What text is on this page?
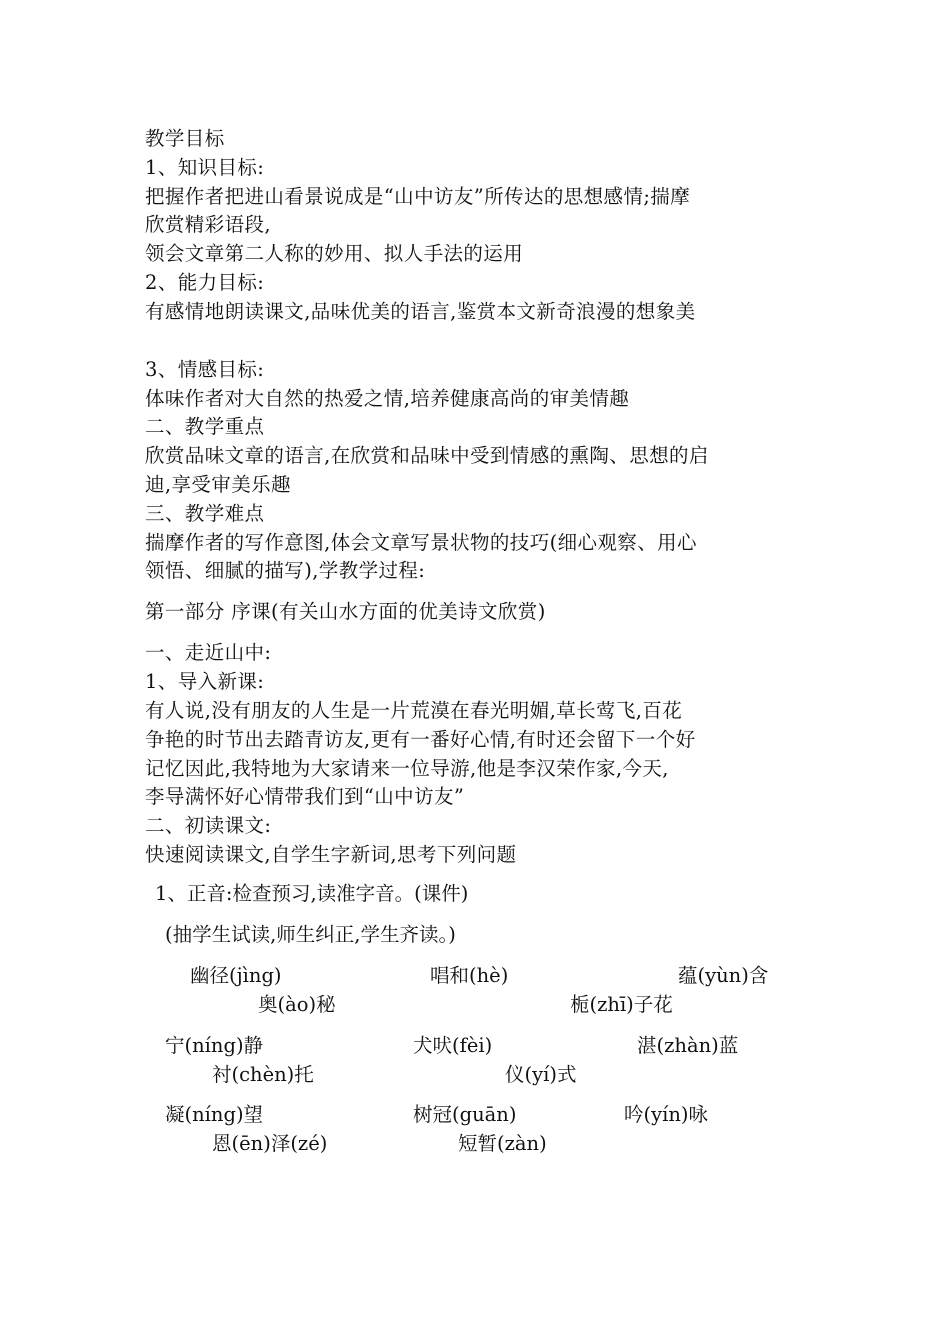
教学目标
1、知识目标:
把握作者把进山看景说成是“山中访友”所传达的思想感情;揣摩
欣赏精彩语段,
领会文章第二人称的妙用、拟人手法的运用
2、能力目标:
有感情地朗读课文,品味优美的语言,鉴赏本文新奇浪漫的想象美
3、情感目标:
体味作者对大自然的热爱之情,培养健康高尚的审美情趣
二、教学重点
欣赏品味文章的语言,在欣赏和品味中受到情感的熏陶、思想的启
迪,享受审美乐趣
三、教学难点
揣摩作者的写作意图,体会文章写景状物的技巧(细心观察、用心
领悟、细腻的描写),学教学过程:
第一部分 序课(有关山水方面的优美诗文欣赏)
一、走近山中:
1、导入新课:
有人说,没有朋友的人生是一片荒漠在春光明媚,草长莺飞,百花
争艳的时节出去踏青访友,更有一番好心情,有时还会留下一个好
记忆因此,我特地为大家请来一位导游,他是李汉荣作家,今天,
李导满怀好心情带我们到“山中访友”
二、初读课文:
快速阅读课文,自学生字新词,思考下列问题
1、正音:检查预习,读准字音。(课件)
(抽学生试读,师生纠正,学生齐读。)
幽径(jìng)	唱和(hè)	蕴(yùn)含
奥(ào)秘	栀(zhī)子花
宁(níng)静	犬吠(fèi)	湛(zhàn)蓝
衬(chèn)托	仪(yí)式
凝(níng)望	树冠(guān)	吟(yín)咏
恩(ēn)泽(zé)	短暂(zàn)
